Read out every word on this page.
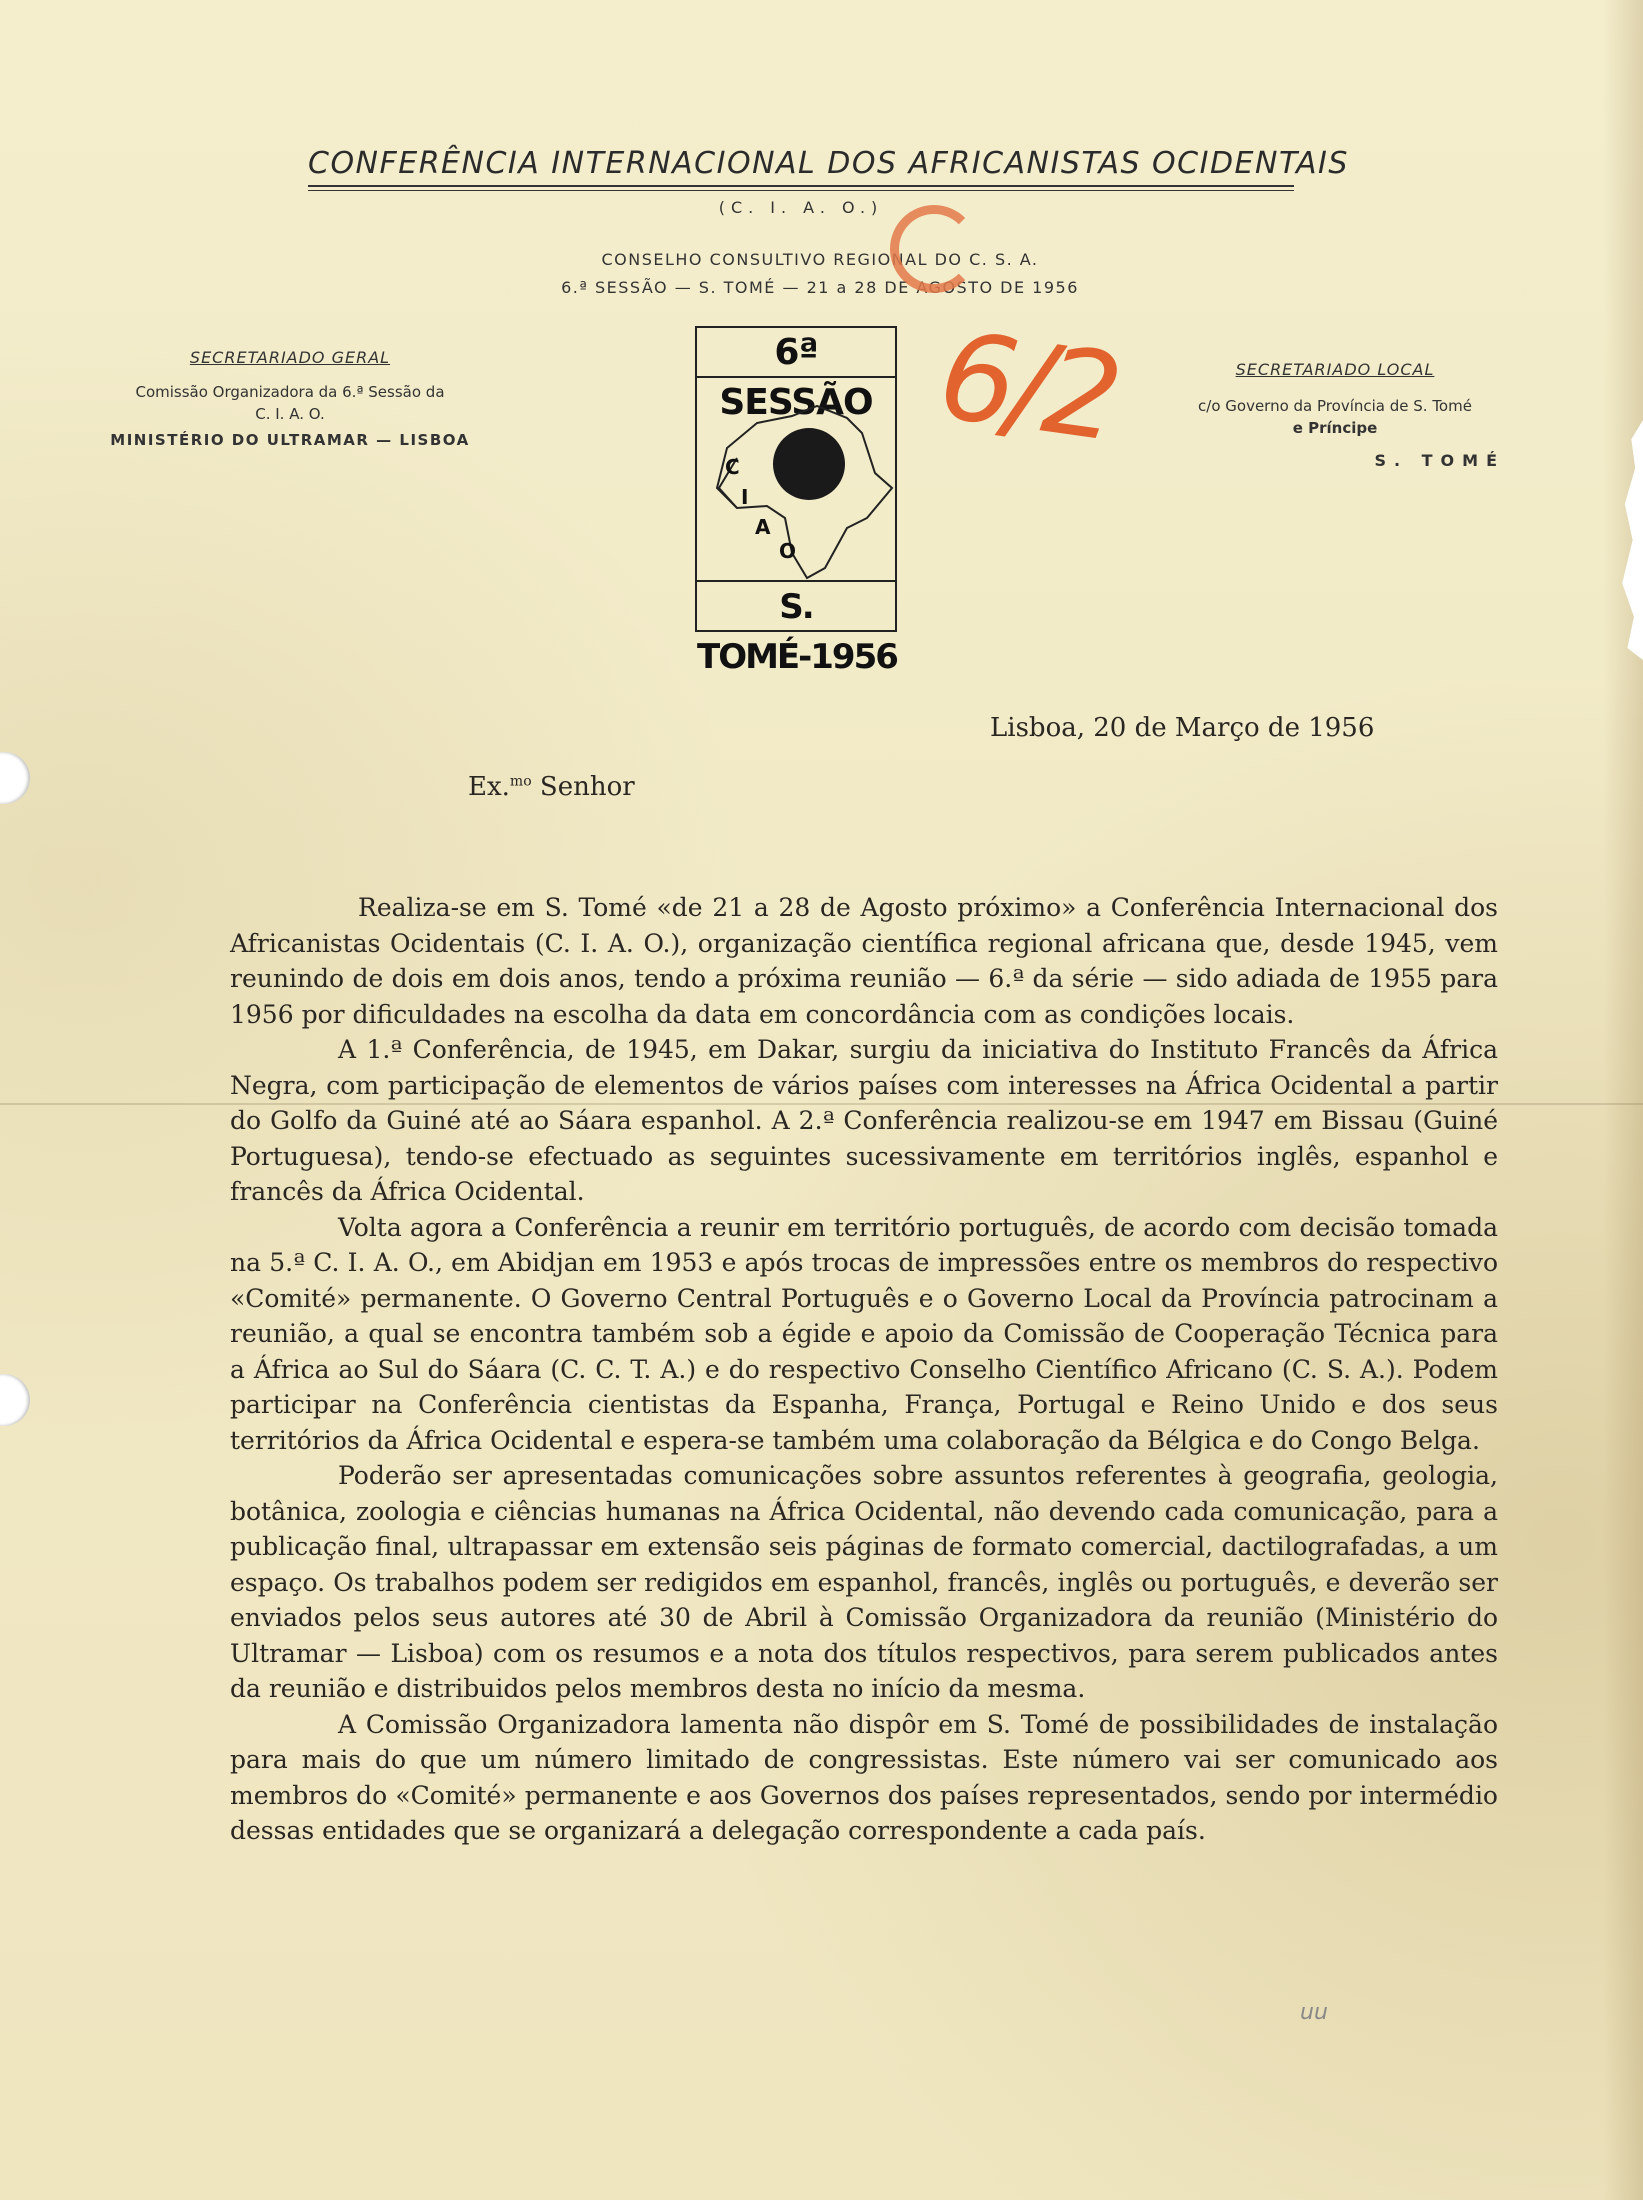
CONFERÊNCIA INTERNACIONAL DOS AFRICANISTAS OCIDENTAIS
(C. I. A. O.)
CONSELHO CONSULTIVO REGIONAL DO C. S. A.
6.ª SESSÃO — S. TOMÉ — 21 a 28 DE AGOSTO DE 1956
SECRETARIADO GERAL
Comissão Organizadora da 6.ª Sessão da
C. I. A. O.
MINISTÉRIO DO ULTRAMAR — LISBOA
SECRETARIADO LOCAL
c/o Governo da Província de S. Tomé
e Príncipe
S. TOMÉ
6ª SESSÃO
C
I
A
O
S. TOMÉ-1956
6/2
Lisboa, 20 de Março de 1956
Ex.$^{mo}$ Senhor

Realiza-se em S. Tomé «de 21 a 28 de Agosto próximo» a Conferência Internacional dos Africanistas Ocidentais (C. I. A. O.), organização científica regional africana que, desde 1945, vem reunindo de dois em dois anos, tendo a próxima reunião — 6.ª da série — sido adiada de 1955 para 1956 por dificuldades na escolha da data em concordância com as condições locais.

A 1.ª Conferência, de 1945, em Dakar, surgiu da iniciativa do Instituto Francês da África Negra, com participação de elementos de vários países com interesses na África Ocidental a partir do Golfo da Guiné até ao Sáara espanhol. A 2.ª Conferência realizou-se em 1947 em Bissau (Guiné Portuguesa), tendo-se efectuado as seguintes sucessivamente em territórios inglês, espanhol e francês da África Ocidental.

Volta agora a Conferência a reunir em território português, de acordo com decisão tomada na 5.ª C. I. A. O., em Abidjan em 1953 e após trocas de impressões entre os membros do respectivo «Comité» permanente. O Governo Central Português e o Governo Local da Província patrocinam a reunião, a qual se encontra também sob a égide e apoio da Comissão de Cooperação Técnica para a África ao Sul do Sáara (C. C. T. A.) e do respectivo Conselho Científico Africano (C. S. A.). Podem participar na Conferência cientistas da Espanha, França, Portugal e Reino Unido e dos seus territórios da África Ocidental e espera-se também uma colaboração da Bélgica e do Congo Belga.

Poderão ser apresentadas comunicações sobre assuntos referentes à geografia, geologia, botânica, zoologia e ciências humanas na África Ocidental, não devendo cada comunicação, para a publicação final, ultrapassar em extensão seis páginas de formato comercial, dactilografadas, a um espaço. Os trabalhos podem ser redigidos em espanhol, francês, inglês ou português, e deverão ser enviados pelos seus autores até 30 de Abril à Comissão Organizadora da reunião (Ministério do Ultramar — Lisboa) com os resumos e a nota dos títulos respectivos, para serem publicados antes da reunião e distribuidos pelos membros desta no início da mesma.

A Comissão Organizadora lamenta não dispôr em S. Tomé de possibilidades de instalação para mais do que um número limitado de congressistas. Este número vai ser comunicado aos membros do «Comité» permanente e aos Governos dos países representados, sendo por intermédio dessas entidades que se organizará a delegação correspondente a cada país.

uu
